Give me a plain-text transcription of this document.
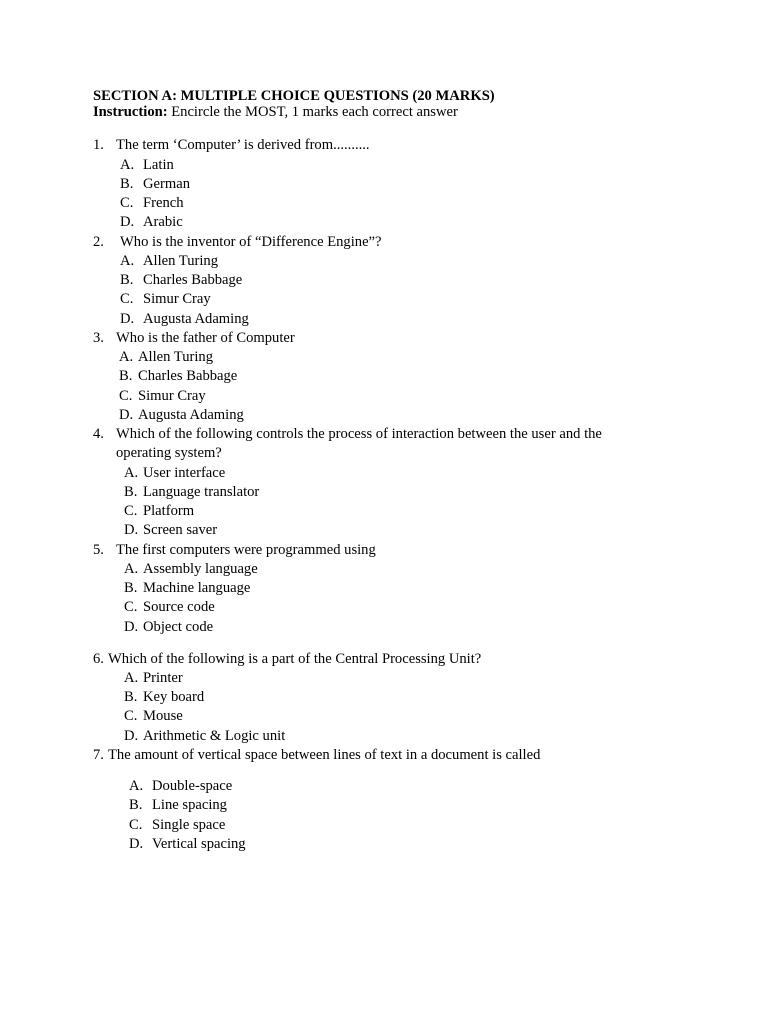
SECTION A: MULTIPLE CHOICE QUESTIONS (20 MARKS)
Instruction: Encircle the MOST, 1 marks each correct answer
1. The term ‘Computer’ is derived from..........
A. Latin
B. German
C. French
D. Arabic
2. Who is the inventor of “Difference Engine”?
A. Allen Turing
B. Charles Babbage
C. Simur Cray
D. Augusta Adaming
3. Who is the father of Computer
A. Allen Turing
B. Charles Babbage
C. Simur Cray
D. Augusta Adaming
4. Which of the following controls the process of interaction between the user and the
operating system?
A. User interface
B. Language translator
C. Platform
D. Screen saver
5. The first computers were programmed using
A. Assembly language
B. Machine language
C. Source code
D. Object code
6. Which of the following is a part of the Central Processing Unit?
A. Printer
B. Key board
C. Mouse
D. Arithmetic & Logic unit
7. The amount of vertical space between lines of text in a document is called
A. Double-space
B. Line spacing
C. Single space
D. Vertical spacing
